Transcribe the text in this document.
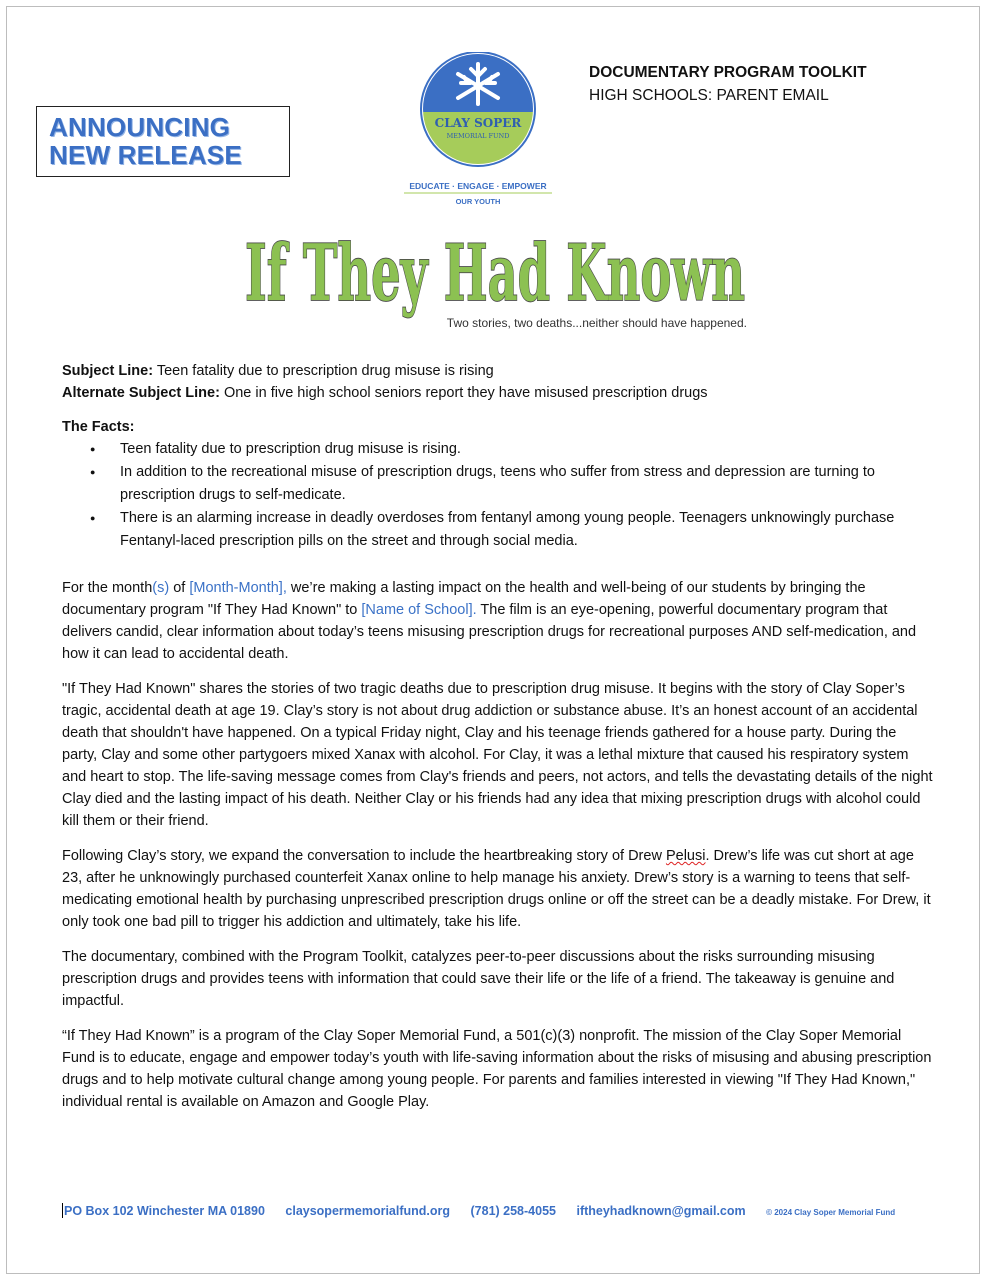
ANNOUNCING
NEW RELEASE
CLAY SOPER
MEMORIAL FUND
EDUCATE · ENGAGE · EMPOWER
OUR YOUTH
DOCUMENTARY PROGRAM TOOLKIT
HIGH SCHOOLS: PARENT EMAIL
If They Had Known
Two stories, two deaths...neither should have happened.
Subject Line: Teen fatality due to prescription drug misuse is rising
Alternate Subject Line: One in five high school seniors report they have misused prescription drugs
The Facts:
● Teen fatality due to prescription drug misuse is rising.
● In addition to the recreational misuse of prescription drugs, teens who suffer from stress and depression are turning to prescription drugs to self-medicate.
● There is an alarming increase in deadly overdoses from fentanyl among young people. Teenagers unknowingly purchase Fentanyl-laced prescription pills on the street and through social media.

For the month(s) of [Month-Month], we’re making a lasting impact on the health and well-being of our students by bringing the documentary program "If They Had Known" to [Name of School]. The film is an eye-opening, powerful documentary program that delivers candid, clear information about today’s teens misusing prescription drugs for recreational purposes AND self-medication, and how it can lead to accidental death.

"If They Had Known" shares the stories of two tragic deaths due to prescription drug misuse. It begins with the story of Clay Soper’s tragic, accidental death at age 19. Clay’s story is not about drug addiction or substance abuse. It’s an honest account of an accidental death that shouldn't have happened. On a typical Friday night, Clay and his teenage friends gathered for a house party. During the party, Clay and some other partygoers mixed Xanax with alcohol. For Clay, it was a lethal mixture that caused his respiratory system and heart to stop. The life-saving message comes from Clay's friends and peers, not actors, and tells the devastating details of the night Clay died and the lasting impact of his death. Neither Clay or his friends had any idea that mixing prescription drugs with alcohol could kill them or their friend.

Following Clay’s story, we expand the conversation to include the heartbreaking story of Drew Pelusi. Drew’s life was cut short at age 23, after he unknowingly purchased counterfeit Xanax online to help manage his anxiety. Drew’s story is a warning to teens that self-medicating emotional health by purchasing unprescribed prescription drugs online or off the street can be a deadly mistake. For Drew, it only took one bad pill to trigger his addiction and ultimately, take his life.

The documentary, combined with the Program Toolkit, catalyzes peer-to-peer discussions about the risks surrounding misusing prescription drugs and provides teens with information that could save their life or the life of a friend. The takeaway is genuine and impactful.

“If They Had Known” is a program of the Clay Soper Memorial Fund, a 501(c)(3) nonprofit. The mission of the Clay Soper Memorial Fund is to educate, engage and empower today’s youth with life-saving information about the risks of misusing and abusing prescription drugs and to help motivate cultural change among young people. For parents and families interested in viewing "If They Had Known," individual rental is available on Amazon and Google Play.

PO Box 102 Winchester MA 01890 claysopermemorialfund.org (781) 258-4055 iftheyhadknown@gmail.com	© 2024 Clay Soper Memorial Fund
